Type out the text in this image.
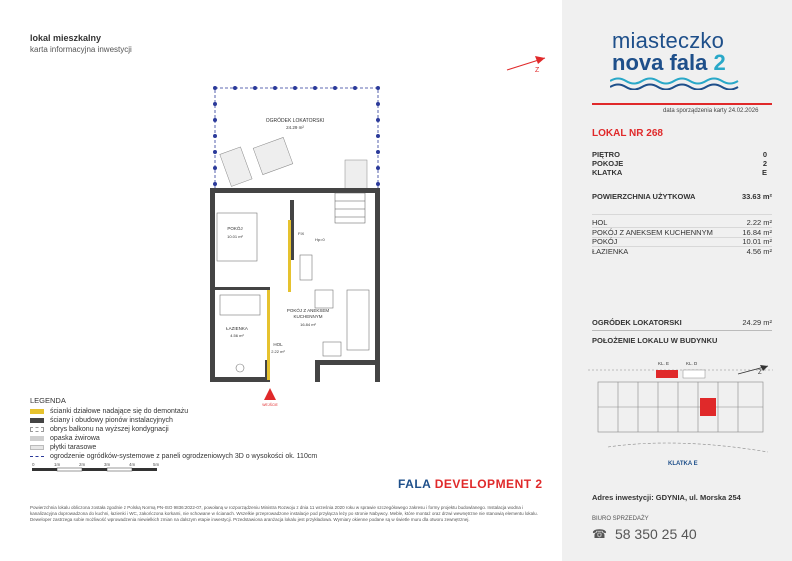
lokal mieszkalny
karta informacyjna inwestycji
Z
OGRÓDEK LOKATORSKI
24.29 m²
POKÓJ
10.01 m²
POKÓJ Z ANEKSEM
KUCHENNYM
16.84 m²
ŁAZIENKA
4.56 m²
HOL
2.22 m²
FIX
Hp=0
WEJŚCIE
LEGENDA
ścianki działowe nadające się do demontażu
ściany i obudowy pionów instalacyjnych
obrys balkonu na wyższej kondygnacji
opaska żwirowa
płytki tarasowe
ogrodzenie ogródków-systemowe z paneli ogrodzeniowych 3D o wysokości ok. 110cm
0	1m	2m	3m	4m	5m
FALA DEVELOPMENT 2
Powierzchnia lokalu obliczona została zgodnie z Polską Normą PN-ISO 9836:2022-07, powołaną w rozporządzeniu Ministra Rozwoju z dnia 11 września 2020 roku w sprawie szczegółowego zakresu i formy projektu budowlanego. Instalacja wodna i kanalizacyjna doprowadzona do kuchni, łazienki i WC, zakończona korkami, nie schowane w ścianach. Wszelkie przeprowadzone instalacje pod przyłącza leży po stronie Nabywcy. Meble, które montaż oraz drzwi wewnętrzne nie stanowią elementu lokalu. Deweloper zastrzega sobie możliwość wprowadzenia niewielkich zmian na dalszym etapie inwestycji. Przedstawiona aranżacja lokalu jest przykładowa. Wymiary okienne podane są w świetle muru dla otworu zewnętrznej.
miasteczko
nova fala 2
data sporządzenia karty 24.02.2026
LOKAL NR 268
PIĘTRO	0
POKOJE	2
KLATKA	E
POWIERZCHNIA UŻYTKOWA	33.63 m²
HOL	2.22 m²
POKÓJ Z ANEKSEM KUCHENNYM	16.84 m²
POKÓJ	10.01 m²
ŁAZIENKA	4.56 m²
OGRÓDEK LOKATORSKI	24.29 m²
POŁOŻENIE LOKALU W BUDYNKU
KL. E	KL. D
KLATKA E
Z
Adres inwestycji: GDYNIA, ul. Morska 254
BIURO SPRZEDAŻY
☎ 58 350 25 40
